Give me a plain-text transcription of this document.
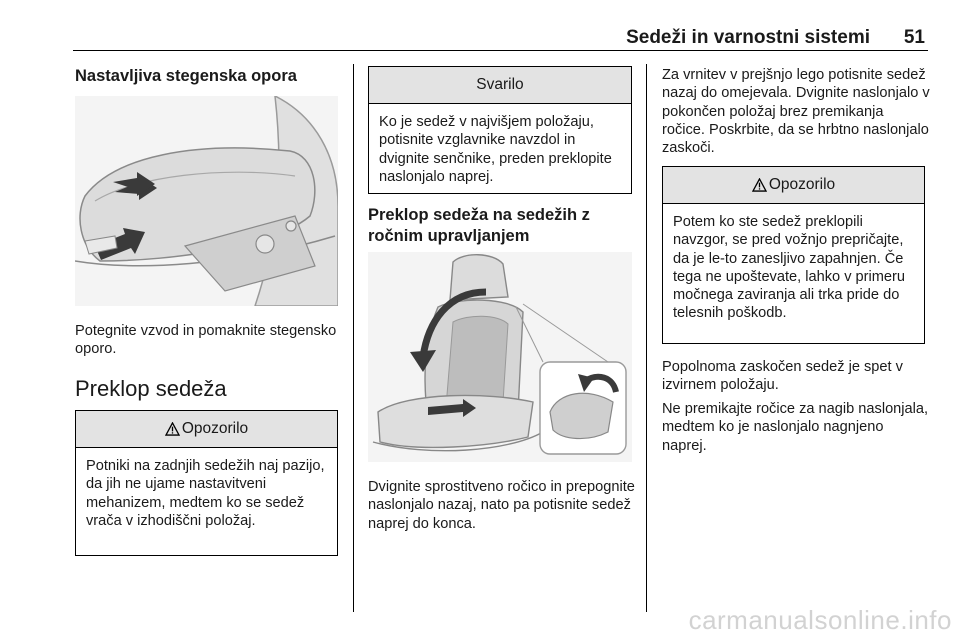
Sedeži in varnostni sistemi	51
Nastavljiva stegenska opora

Potegnite vzvod in pomaknite stegensko oporo.

Preklop sedeža
Opozorilo
Potniki na zadnjih sedežih naj pazijo, da jih ne ujame nastavitveni mehanizem, medtem ko se sedež vrača v izhodiščni položaj.
Svarilo
Ko je sedež v najvišjem položaju, potisnite vzglavnike navzdol in dvignite senčnike, preden preklopite naslonjalo naprej.
Preklop sedeža na sedežih z ročnim upravljanjem

Dvignite sprostitveno ročico in prepognite naslonjalo nazaj, nato pa potisnite sedež naprej do konca.

Za vrnitev v prejšnjo lego potisnite sedež nazaj do omejevala. Dvignite naslonjalo v pokončen položaj brez premikanja ročice. Poskrbite, da se hrbtno naslonjalo zaskoči.

Opozorilo
Potem ko ste sedež preklopili navzgor, se pred vožnjo prepričajte, da je le-to zanesljivo zapahnjen. Če tega ne upoštevate, lahko v primeru močnega zaviranja ali trka pride do telesnih poškodb.

Popolnoma zaskočen sedež je spet v izvirnem položaju.

Ne premikajte ročice za nagib naslonjala, medtem ko je naslonjalo nagnjeno naprej.

carmanualsonline.info
